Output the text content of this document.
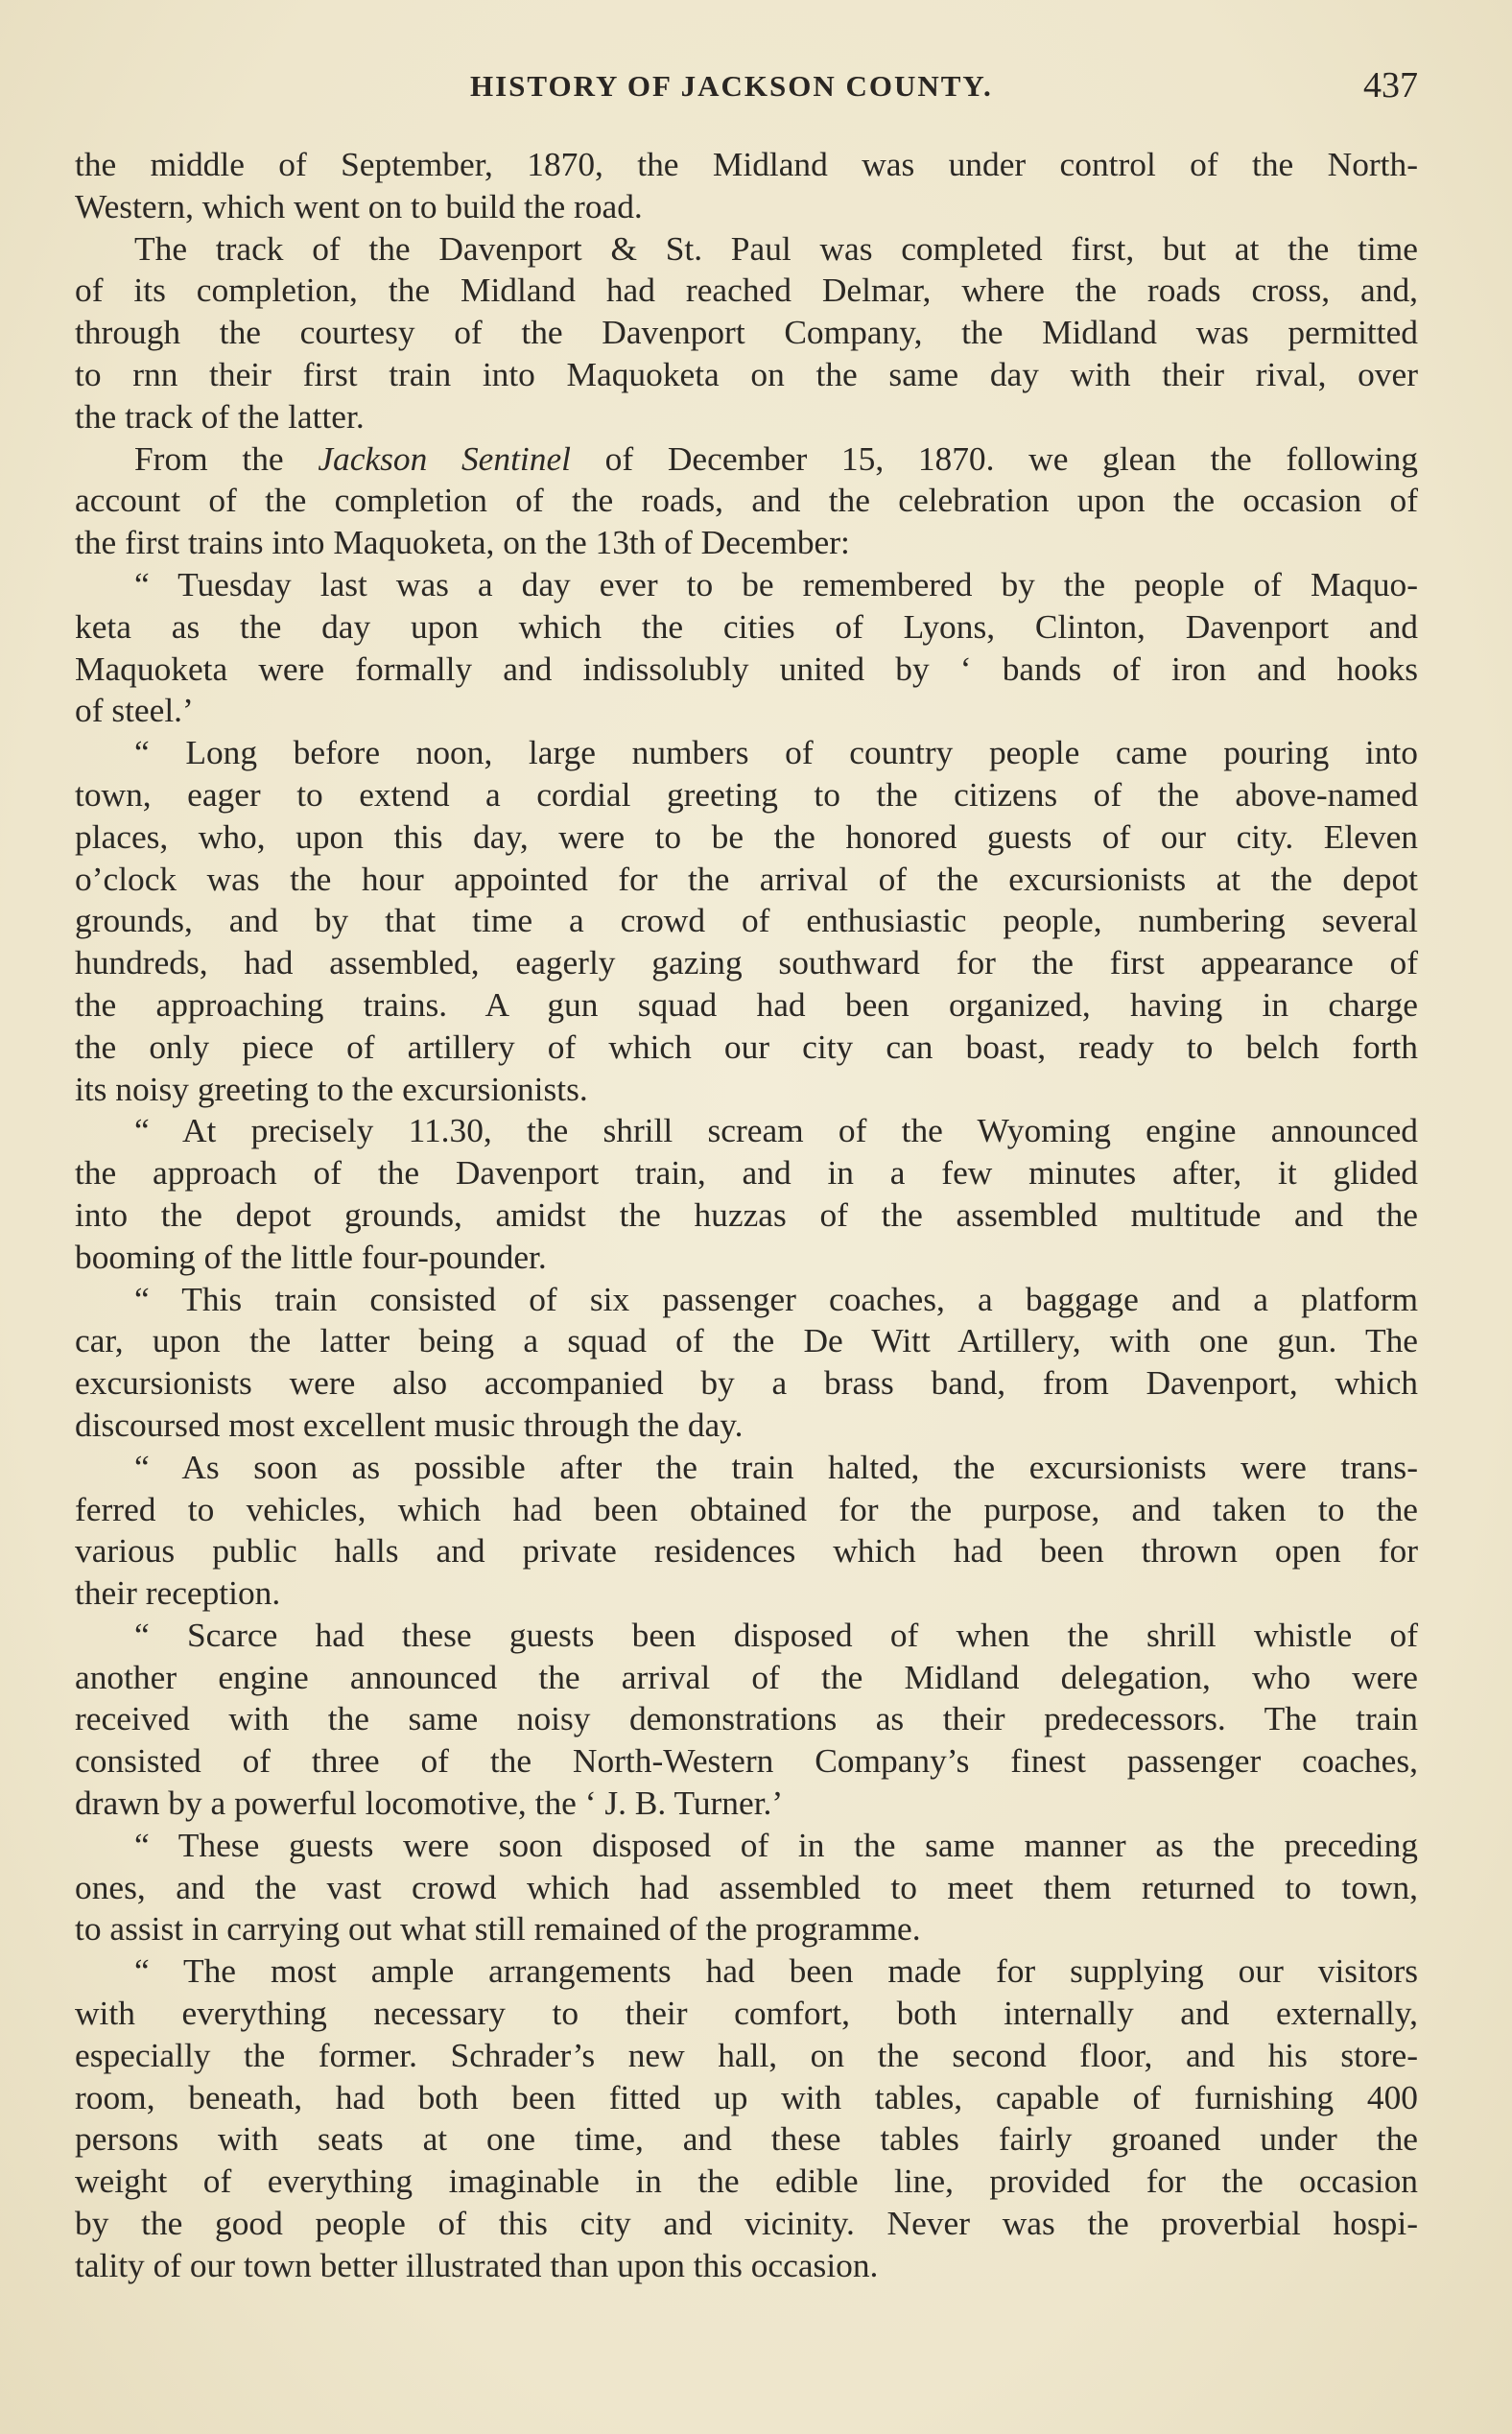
HISTORY OF JACKSON COUNTY.	437
the middle of September, 1870, the Midland was under control of the North-
Western, which went on to build the road.
The track of the Davenport & St. Paul was completed first, but at the time
of its completion, the Midland had reached Delmar, where the roads cross, and,
through the courtesy of the Davenport Company, the Midland was permitted
to rnn their first train into Maquoketa on the same day with their rival, over
the track of the latter.
From the Jackson Sentinel of December 15, 1870. we glean the following
account of the completion of the roads, and the celebration upon the occasion of
the first trains into Maquoketa, on the 13th of December:
“ Tuesday last was a day ever to be remembered by the people of Maquo-
keta as the day upon which the cities of Lyons, Clinton, Davenport and
Maquoketa were formally and indissolubly united by ‘ bands of iron and hooks
of steel.’
“ Long before noon, large numbers of country people came pouring into
town, eager to extend a cordial greeting to the citizens of the above-named
places, who, upon this day, were to be the honored guests of our city. Eleven
o’clock was the hour appointed for the arrival of the excursionists at the depot
grounds, and by that time a crowd of enthusiastic people, numbering several
hundreds, had assembled, eagerly gazing southward for the first appearance of
the approaching trains. A gun squad had been organized, having in charge
the only piece of artillery of which our city can boast, ready to belch forth
its noisy greeting to the excursionists.
“ At precisely 11.30, the shrill scream of the Wyoming engine announced
the approach of the Davenport train, and in a few minutes after, it glided
into the depot grounds, amidst the huzzas of the assembled multitude and the
booming of the little four-pounder.
“ This train consisted of six passenger coaches, a baggage and a platform
car, upon the latter being a squad of the De Witt Artillery, with one gun. The
excursionists were also accompanied by a brass band, from Davenport, which
discoursed most excellent music through the day.
“ As soon as possible after the train halted, the excursionists were trans-
ferred to vehicles, which had been obtained for the purpose, and taken to the
various public halls and private residences which had been thrown open for
their reception.
“ Scarce had these guests been disposed of when the shrill whistle of
another engine announced the arrival of the Midland delegation, who were
received with the same noisy demonstrations as their predecessors. The train
consisted of three of the North-Western Company’s finest passenger coaches,
drawn by a powerful locomotive, the ‘ J. B. Turner.’
“ These guests were soon disposed of in the same manner as the preceding
ones, and the vast crowd which had assembled to meet them returned to town,
to assist in carrying out what still remained of the programme.
“ The most ample arrangements had been made for supplying our visitors
with everything necessary to their comfort, both internally and externally,
especially the former. Schrader’s new hall, on the second floor, and his store-
room, beneath, had both been fitted up with tables, capable of furnishing 400
persons with seats at one time, and these tables fairly groaned under the
weight of everything imaginable in the edible line, provided for the occasion
by the good people of this city and vicinity. Never was the proverbial hospi-
tality of our town better illustrated than upon this occasion.
